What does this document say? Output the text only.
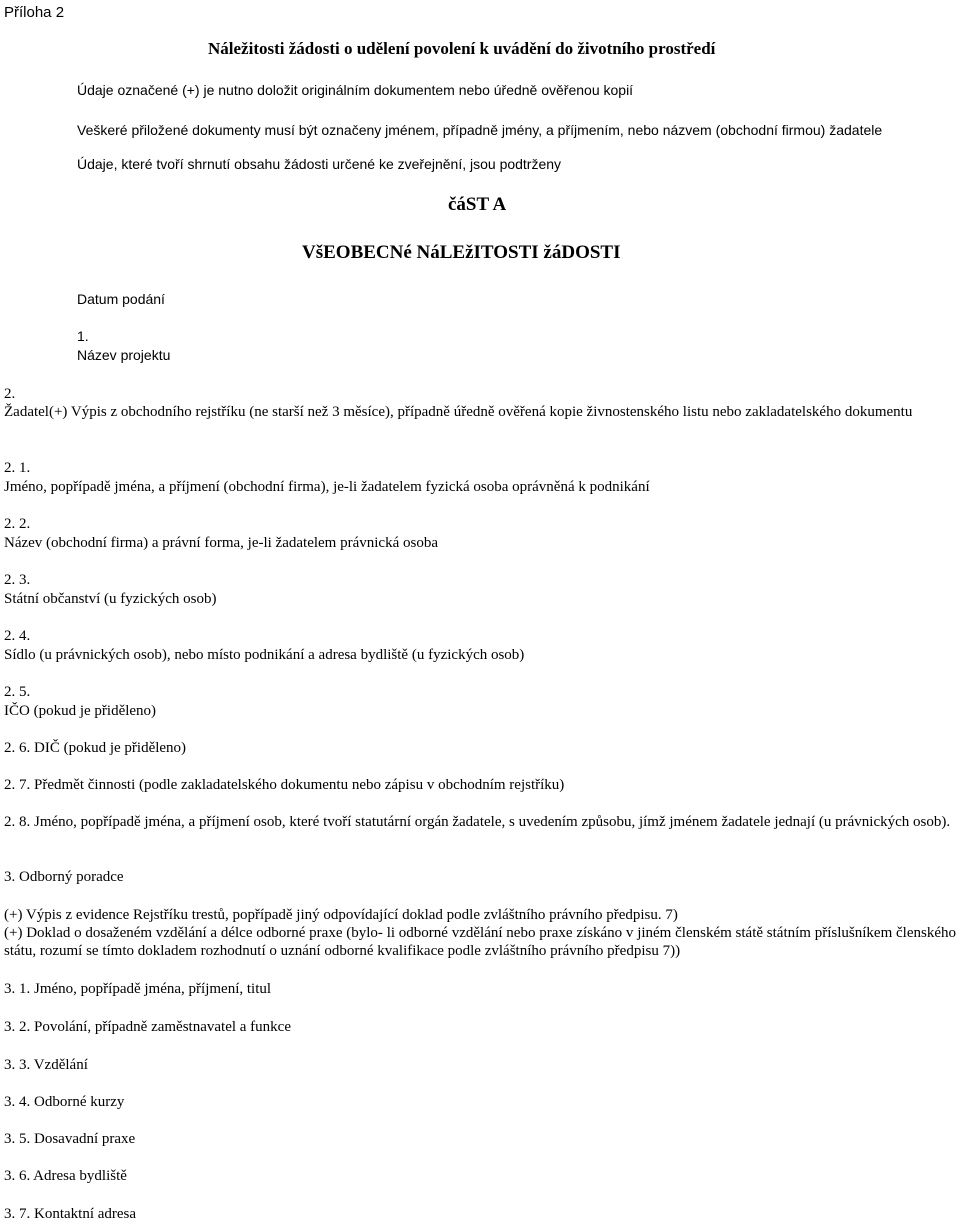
Příloha 2
Náležitosti žádosti o udělení povolení k uvádění do životního prostředí
Údaje označené (+) je nutno doložit originálním dokumentem nebo úředně ověřenou kopií
Veškeré přiložené dokumenty musí být označeny jménem, případně jmény, a příjmením, nebo názvem (obchodní firmou) žadatele
Údaje, které tvoří shrnutí obsahu žádosti určené ke zveřejnění, jsou podtrženy
čáST A
VšEOBECNé NáLEžITOSTI žáDOSTI
Datum podání
1.
Název projektu
2.
Žadatel(+) Výpis z obchodního rejstříku (ne starší než 3 měsíce), případně úředně ověřená kopie živnostenského listu nebo zakladatelského dokumentu
2. 1.
Jméno, popřípadě jména, a příjmení (obchodní firma), je-li žadatelem fyzická osoba oprávněná k podnikání
2. 2.
Název (obchodní firma) a právní forma, je-li žadatelem právnická osoba
2. 3.
Státní občanství (u fyzických osob)
2. 4.
Sídlo (u právnických osob), nebo místo podnikání a adresa bydliště (u fyzických osob)
2. 5.
IČO (pokud je přiděleno)
2. 6. DIČ (pokud je přiděleno)
2. 7. Předmět činnosti (podle zakladatelského dokumentu nebo zápisu v obchodním rejstříku)
2. 8. Jméno, popřípadě jména, a příjmení osob, které tvoří statutární orgán žadatele, s uvedením způsobu, jímž jménem žadatele jednají (u právnických osob).
3. Odborný poradce
(+) Výpis z evidence Rejstříku trestů, popřípadě jiný odpovídající doklad podle zvláštního právního předpisu. 7)
(+) Doklad o dosaženém vzdělání a délce odborné praxe (bylo- li odborné vzdělání nebo praxe získáno v jiném členském státě státním příslušníkem členského státu, rozumí se tímto dokladem rozhodnutí o uznání odborné kvalifikace podle zvláštního právního předpisu 7))
3. 1. Jméno, popřípadě jména, příjmení, titul
3. 2. Povolání, případně zaměstnavatel a funkce
3. 3. Vzdělání
3. 4. Odborné kurzy
3. 5. Dosavadní praxe
3. 6. Adresa bydliště
3. 7. Kontaktní adresa
